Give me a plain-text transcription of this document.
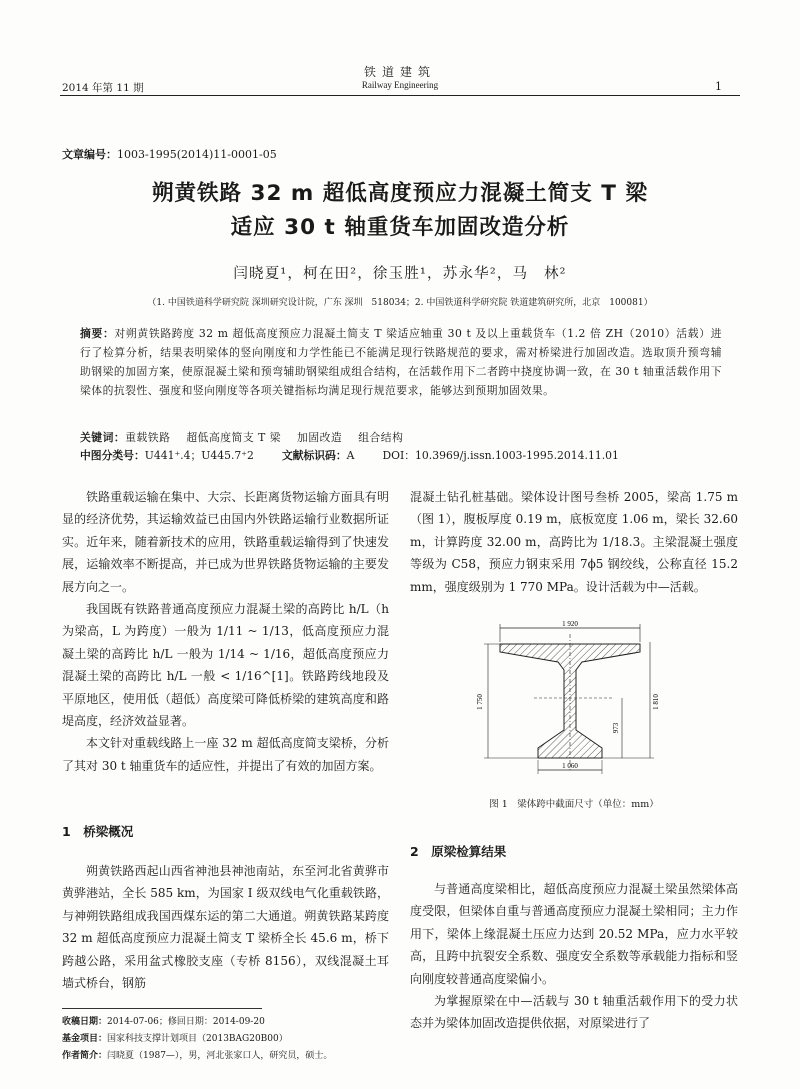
铁道建筑
Railway Engineering
2014 年第 11 期	1
文章编号：1003-1995(2014)11-0001-05
朔黄铁路 32 m 超低高度预应力混凝土简支 T 梁
适应 30 t 轴重货车加固改造分析
闫晓夏¹，柯在田²，徐玉胜¹，苏永华²，马　林²
（1. 中国铁道科学研究院 深圳研究设计院，广东 深圳　518034；2. 中国铁道科学研究院 铁道建筑研究所，北京　100081）
摘要：对朔黄铁路跨度 32 m 超低高度预应力混凝土简支 T 梁适应轴重 30 t 及以上重载货车（1.2 倍 ZH（2010）活载）进行了检算分析，结果表明梁体的竖向刚度和力学性能已不能满足现行铁路规范的要求，需对桥梁进行加固改造。选取顶升预弯辅助钢梁的加固方案，使原混凝土梁和预弯辅助钢梁组成组合结构，在活载作用下二者跨中挠度协调一致，在 30 t 轴重活载作用下梁体的抗裂性、强度和竖向刚度等各项关键指标均满足现行规范要求，能够达到预期加固效果。
关键词：重载铁路 超低高度简支 T 梁 加固改造 组合结构
中图分类号：U441⁺.4；U445.7⁺2	文献标识码：A	DOI：10.3969/j.issn.1003-1995.2014.11.01

铁路重载运输在集中、大宗、长距离货物运输方面具有明显的经济优势，其运输效益已由国内外铁路运输行业数据所证实。近年来，随着新技术的应用，铁路重载运输得到了快速发展，运输效率不断提高，并已成为世界铁路货物运输的主要发展方向之一。

我国既有铁路普通高度预应力混凝土梁的高跨比 h/L（h 为梁高，L 为跨度）一般为 1/11 ~ 1/13，低高度预应力混凝土梁的高跨比 h/L 一般为 1/14 ~ 1/16，超低高度预应力混凝土梁的高跨比 h/L 一般 < 1/16^[1]。铁路跨线地段及平原地区，使用低（超低）高度梁可降低桥梁的建筑高度和路堤高度，经济效益显著。

本文针对重载线路上一座 32 m 超低高度简支梁桥，分析了其对 30 t 轴重货车的适应性，并提出了有效的加固方案。

1　桥梁概况

朔黄铁路西起山西省神池县神池南站，东至河北省黄骅市黄骅港站，全长 585 km，为国家 Ⅰ 级双线电气化重载铁路，与神朔铁路组成我国西煤东运的第二大通道。朔黄铁路某跨度 32 m 超低高度预应力混凝土简支 T 梁桥全长 45.6 m，桥下跨越公路，采用盆式橡胶支座（专桥 8156），双线混凝土耳墙式桥台，钢筋

混凝土钻孔桩基础。梁体设计图号叁桥 2005，梁高 1.75 m（图 1），腹板厚度 0.19 m，底板宽度 1.06 m，梁长 32.60 m，计算跨度 32.00 m，高跨比为 1/18.3。主梁混凝土强度等级为 C58，预应力钢束采用 7ϕ5 钢绞线，公称直径 15.2 mm，强度级别为 1 770 MPa。设计活载为中—活载。

1 920
1 750	1 810
973
1 060
图 1　梁体跨中截面尺寸（单位：mm）
2　原梁检算结果

与普通高度梁相比，超低高度预应力混凝土梁虽然梁体高度受限，但梁体自重与普通高度预应力混凝土梁相同；主力作用下，梁体上缘混凝土压应力达到 20.52 MPa，应力水平较高，且跨中抗裂安全系数、强度安全系数等承载能力指标和竖向刚度较普通高度梁偏小。

为掌握原梁在中—活载与 30 t 轴重活载作用下的受力状态并为梁体加固改造提供依据，对原梁进行了

收稿日期：2014-07-06；修回日期：2014-09-20
基金项目：国家科技支撑计划项目（2013BAG20B00）
作者简介：闫晓夏（1987—），男，河北张家口人，研究员，硕士。
